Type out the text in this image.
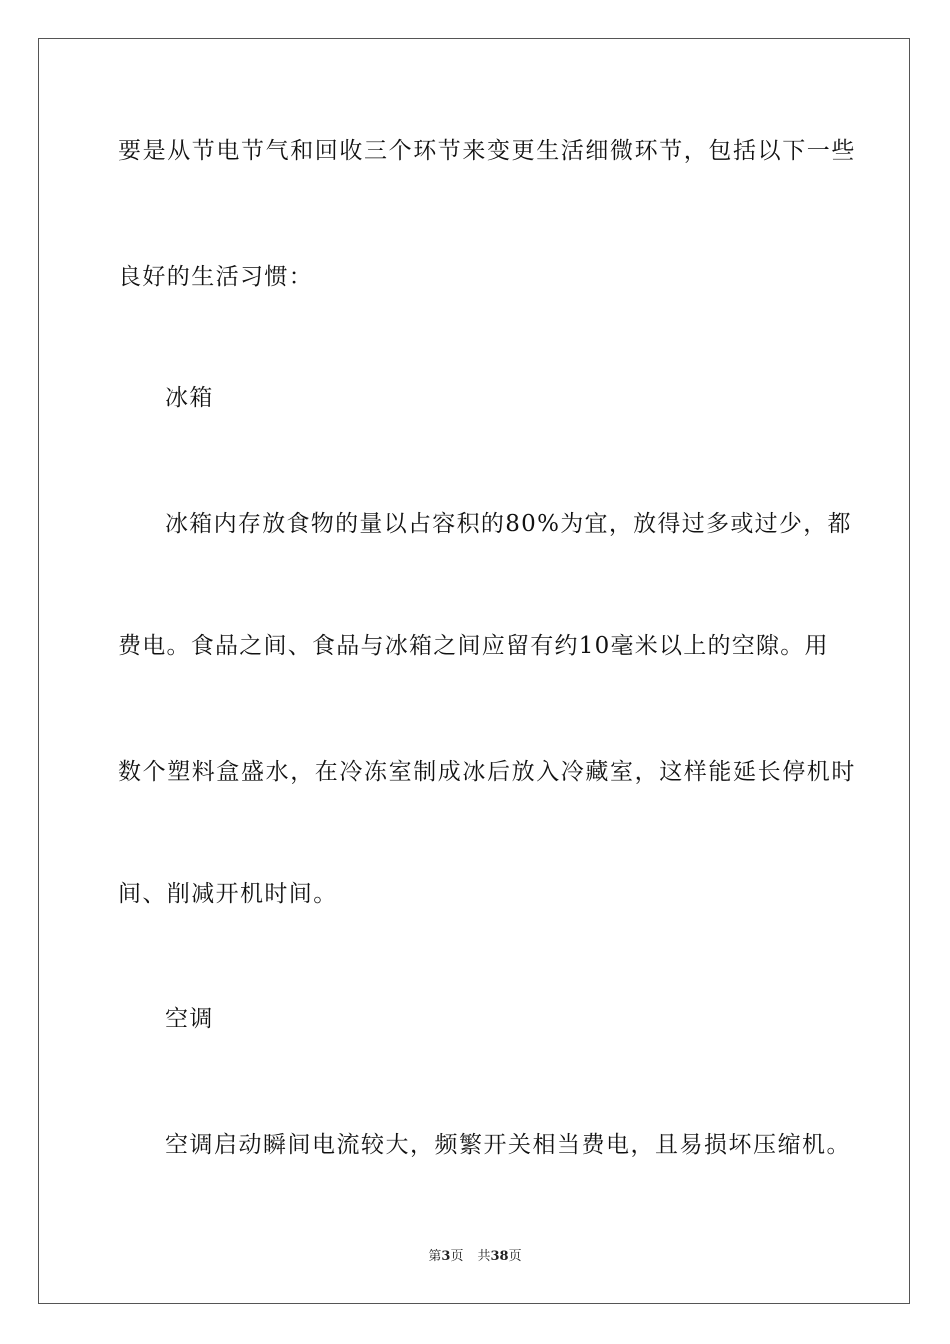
要是从节电节气和回收三个环节来变更生活细微环节，包括以下一些
良好的生活习惯：
冰箱
冰箱内存放食物的量以占容积的80%为宜，放得过多或过少，都
费电。食品之间、食品与冰箱之间应留有约10毫米以上的空隙。用
数个塑料盒盛水，在冷冻室制成冰后放入冷藏室，这样能延长停机时
间、削减开机时间。
空调
空调启动瞬间电流较大，频繁开关相当费电，且易损坏压缩机。
第3页 共38页
